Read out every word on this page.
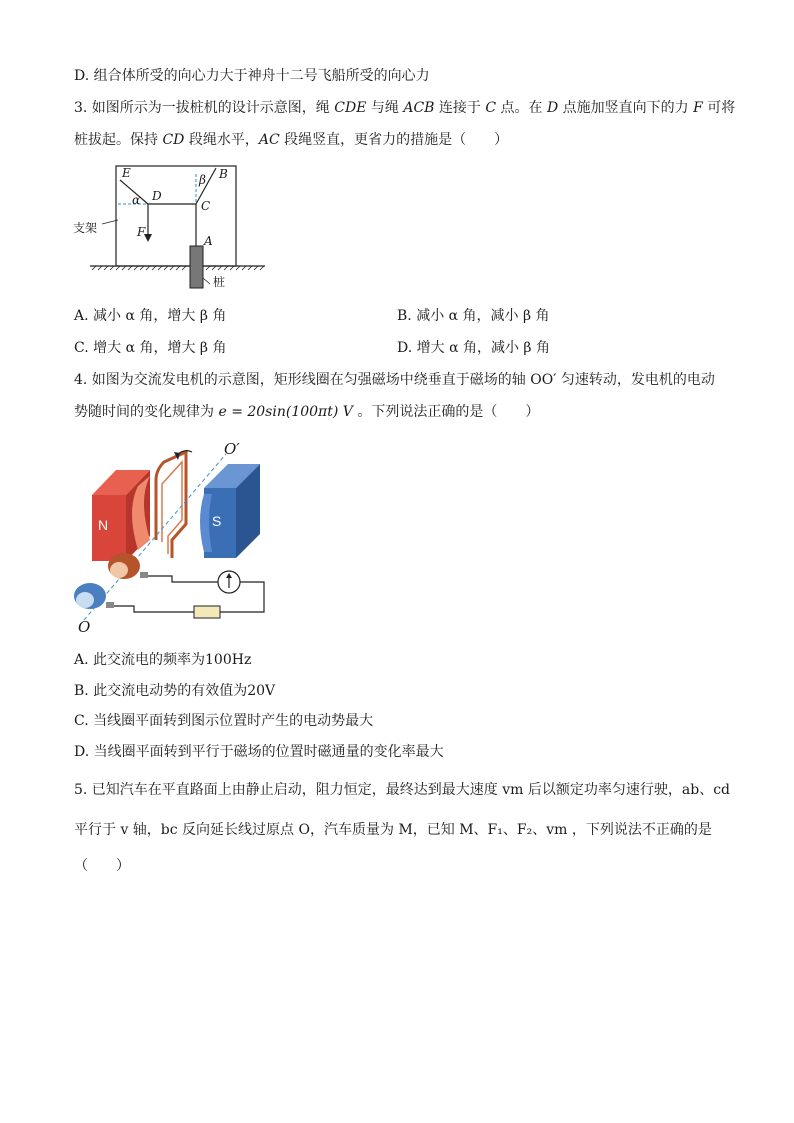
D. 组合体所受的向心力大于神舟十二号飞船所受的向心力
3. 如图所示为一拔桩机的设计示意图，绳 CDE 与绳 ACB 连接于 C 点。在 D 点施加竖直向下的力 F 可将
桩拔起。保持 CD 段绳水平，AC 段绳竖直，更省力的措施是（　　）
E
D
α
β B
C
A
F
支架
桩
A. 减小 α 角，增大 β 角	B. 减小 α 角，减小 β 角
C. 增大 α 角，增大 β 角	D. 增大 α 角，减小 β 角
4. 如图为交流发电机的示意图，矩形线圈在匀强磁场中绕垂直于磁场的轴 OO′ 匀速转动，发电机的电动
势随时间的变化规律为 e = 20sin(100πt) V 。下列说法正确的是（　　）
N	S
O
O′
A. 此交流电的频率为100Hz
B. 此交流电动势的有效值为20V
C. 当线圈平面转到图示位置时产生的电动势最大
D. 当线圈平面转到平行于磁场的位置时磁通量的变化率最大
5. 已知汽车在平直路面上由静止启动，阻力恒定，最终达到最大速度 vm 后以额定功率匀速行驶，ab、cd
平行于 v 轴，bc 反向延长线过原点 O，汽车质量为 M，已知 M、F₁、F₂、vm ，下列说法不正确的是
（　　）
